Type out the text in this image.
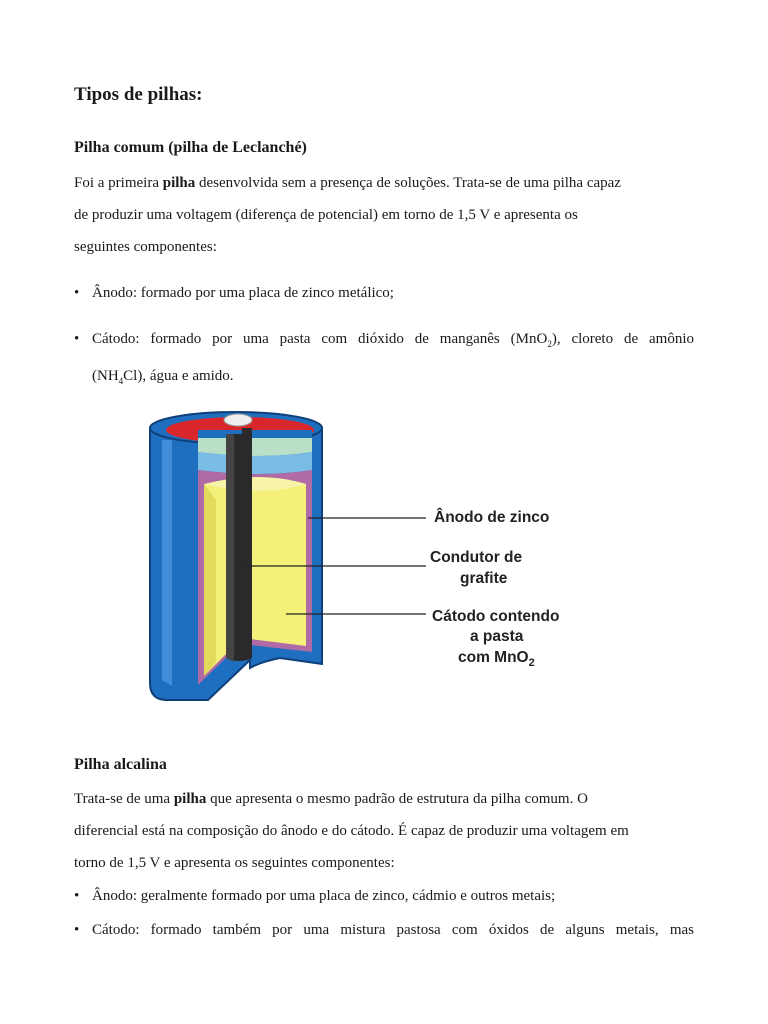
Tipos de pilhas:
Pilha comum (pilha de Leclanché)
Foi a primeira pilha desenvolvida sem a presença de soluções. Trata-se de uma pilha capaz
de produzir uma voltagem (diferença de potencial) em torno de 1,5 V e apresenta os
seguintes componentes:
• Ânodo: formado por uma placa de zinco metálico;
• Cátodo: formado por uma pasta com dióxido de manganês (MnO$_2$), cloreto de amônio
$(NH_4Cl)$, água e amido.
Ânodo de zinco
Condutor de
grafite
Cátodo contendo
a pasta
com MnO$_2$
Pilha alcalina
Trata-se de uma pilha que apresenta o mesmo padrão de estrutura da pilha comum. O
diferencial está na composição do ânodo e do cátodo. É capaz de produzir uma voltagem em
torno de 1,5 V e apresenta os seguintes componentes:
• Ânodo: geralmente formado por uma placa de zinco, cádmio e outros metais;
• Cátodo: formado também por uma mistura pastosa com óxidos de alguns metais, mas
